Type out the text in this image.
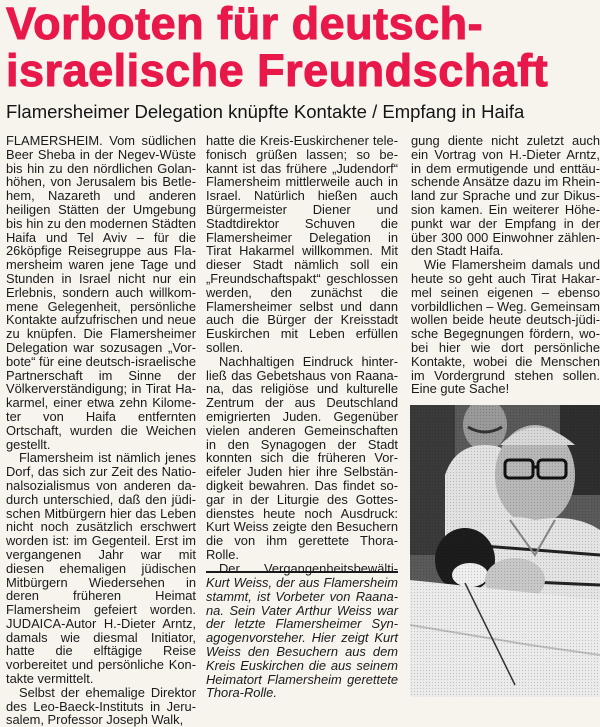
Vorboten für deutsch-
israelische Freundschaft
Flamersheimer Delegation knüpfte Kontakte / Empfang in Haifa

FLAMERSHEIM. Vom südlichen Beer Sheba in der Negev-Wüste bis hin zu den nördlichen Golanhöhen, von Jerusalem bis Betlehem, Nazareth und anderen heiligen Stätten der Umgebung bis hin zu den modernen Städten Haifa und Tel Aviv – für die 26köpfige Reisegruppe aus Flamersheim waren jene Tage und Stunden in Israel nicht nur ein Erlebnis, sondern auch willkommene Gelegenheit, persönliche Kontakte aufzufrischen und neue zu knüpfen. Die Flamersheimer Delegation war sozusagen „Vorbote“ für eine deutsch-israelische Partnerschaft im Sinne der Völkerverständigung; in Tirat Hakarmel, einer etwa zehn Kilometer von Haifa entfernten Ortschaft, wurden die Weichen gestellt.

Flamersheim ist nämlich jenes Dorf, das sich zur Zeit des Nationalsozialismus von anderen dadurch unterschied, daß den jüdischen Mitbürgern hier das Leben nicht noch zusätzlich erschwert worden ist: im Gegenteil. Erst im vergangenen Jahr war mit diesen ehemaligen jüdischen Mitbürgern Wiedersehen in deren früheren Heimat Flamersheim gefeiert worden. JUDAICA-Autor H.-Dieter Arntz, damals wie diesmal Initiator, hatte die elftägige Reise vorbereitet und persönliche Kontakte vermittelt.

Selbst der ehemalige Direktor des Leo-Baeck-Instituts in Jerusalem, Professor Joseph Walk,

hatte die Kreis-Euskirchener telefonisch grüßen lassen; so bekannt ist das frühere „Judendorf“ Flamersheim mittlerweile auch in Israel. Natürlich hießen auch Bürgermeister Diener und Stadtdirektor Schuven die Flamersheimer Delegation in Tirat Hakarmel willkommen. Mit dieser Stadt nämlich soll ein „Freundschaftspakt“ geschlossen werden, den zunächst die Flamersheimer selbst und dann auch die Bürger der Kreisstadt Euskirchen mit Leben erfüllen sollen.

Nachhaltigen Eindruck hinterließ das Gebetshaus von Raanana, das religiöse und kulturelle Zentrum der aus Deutschland emigrierten Juden. Gegenüber vielen anderen Gemeinschaften in den Synagogen der Stadt konnten sich die früheren Voreifeler Juden hier ihre Selbständigkeit bewahren. Das findet sogar in der Liturgie des Gottesdienstes heute noch Ausdruck: Kurt Weiss zeigte den Besuchern die von ihm gerettete Thora-Rolle.

Der Vergangenheitsbewälti-

Kurt Weiss, der aus Flamersheim stammt, ist Vorbeter von Raanana. Sein Vater Arthur Weiss war der letzte Flamersheimer Synagogenvorsteher. Hier zeigt Kurt Weiss den Besuchern aus dem Kreis Euskirchen die aus seinem Heimatort Flamersheim gerettete Thora-Rolle.

gung diente nicht zuletzt auch ein Vortrag von H.-Dieter Arntz, in dem ermutigende und enttäuschende Ansätze dazu im Rheinland zur Sprache und zur Dikussion kamen. Ein weiterer Höhepunkt war der Empfang in der über 300 000 Einwohner zählenden Stadt Haifa.

Wie Flamersheim damals und heute so geht auch Tirat Hakarmel seinen eigenen – ebenso vorbildlichen – Weg. Gemeinsam wollen beide heute deutsch-jüdische Begegnungen fördern, wobei hier wie dort persönliche Kontakte, wobei die Menschen im Vordergrund stehen sollen. Eine gute Sache!
